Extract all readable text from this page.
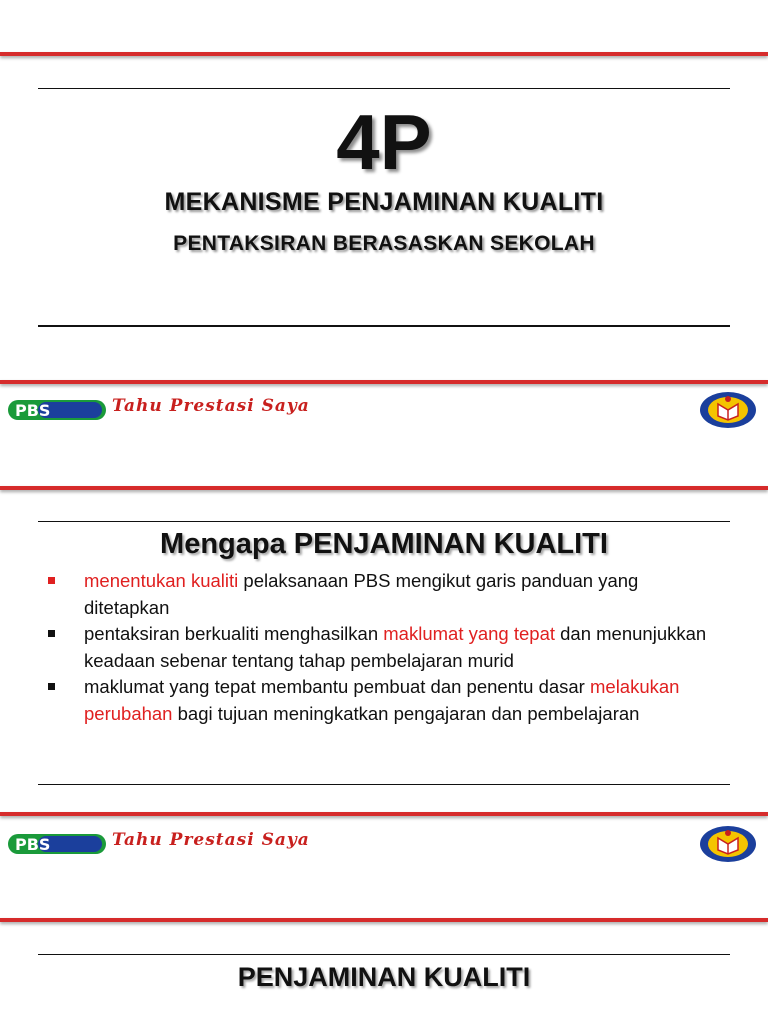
4P
MEKANISME PENJAMINAN KUALITI
PENTAKSIRAN BERASASKAN SEKOLAH
PBS	Tahu Prestasi Saya
Mengapa PENJAMINAN KUALITI
menentukan kualiti pelaksanaan PBS mengikut garis panduan yang ditetapkan
pentaksiran berkualiti menghasilkan maklumat yang tepat dan menunjukkan keadaan sebenar tentang tahap pembelajaran murid
maklumat yang tepat membantu pembuat dan penentu dasar melakukan perubahan bagi tujuan meningkatkan pengajaran dan pembelajaran
PBS	Tahu Prestasi Saya
PENJAMINAN KUALITI
